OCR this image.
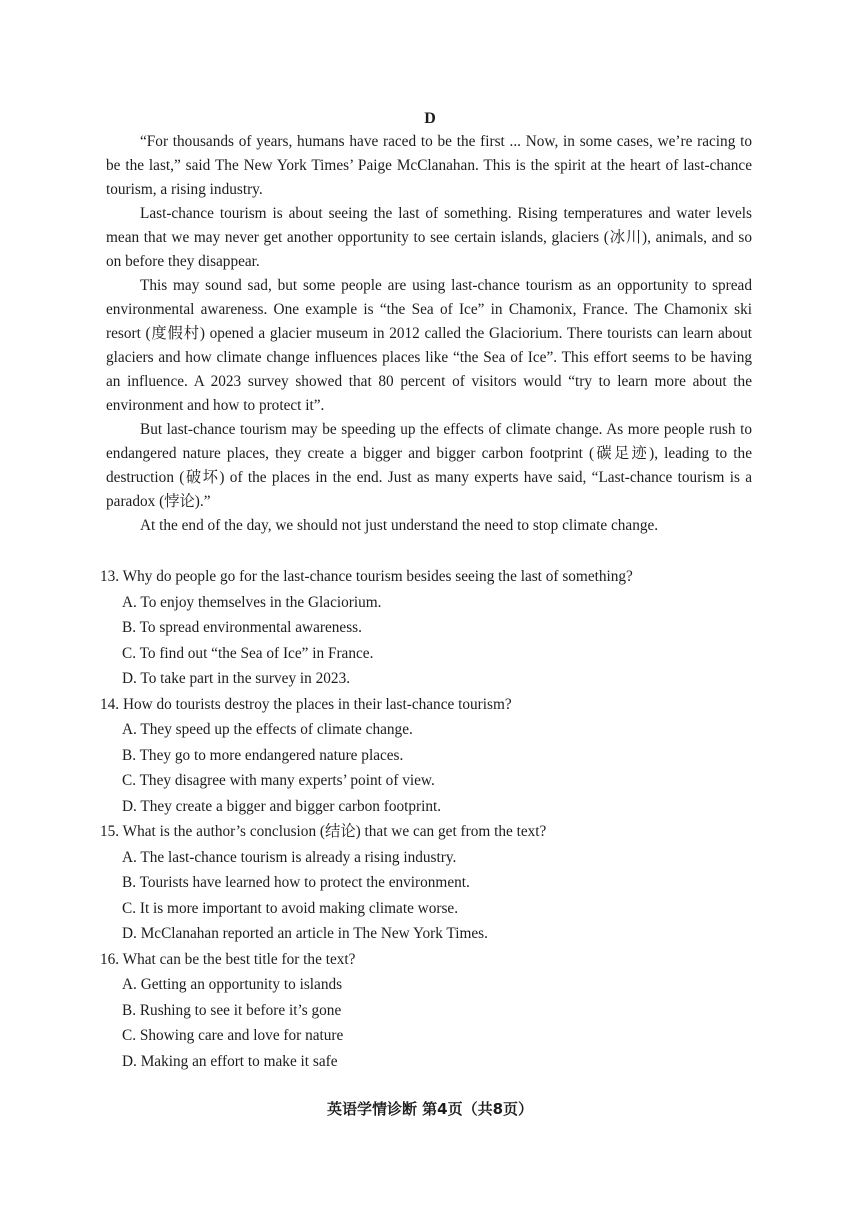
D

“For thousands of years, humans have raced to be the first ... Now, in some cases, we’re racing to be the last,” said The New York Times’ Paige McClanahan. This is the spirit at the heart of last-chance tourism, a rising industry.

Last-chance tourism is about seeing the last of something. Rising temperatures and water levels mean that we may never get another opportunity to see certain islands, glaciers (冰川), animals, and so on before they disappear.

This may sound sad, but some people are using last-chance tourism as an opportunity to spread environmental awareness. One example is “the Sea of Ice” in Chamonix, France. The Chamonix ski resort (度假村) opened a glacier museum in 2012 called the Glaciorium. There tourists can learn about glaciers and how climate change influences places like “the Sea of Ice”. This effort seems to be having an influence. A 2023 survey showed that 80 percent of visitors would “try to learn more about the environment and how to protect it”.

But last-chance tourism may be speeding up the effects of climate change. As more people rush to endangered nature places, they create a bigger and bigger carbon footprint (碳足迹), leading to the destruction (破坏) of the places in the end. Just as many experts have said, “Last-chance tourism is a paradox (悖论).”

At the end of the day, we should not just understand the need to stop climate change.

13. Why do people go for the last-chance tourism besides seeing the last of something?
A. To enjoy themselves in the Glaciorium.
B. To spread environmental awareness.
C. To find out “the Sea of Ice” in France.
D. To take part in the survey in 2023.
14. How do tourists destroy the places in their last-chance tourism?
A. They speed up the effects of climate change.
B. They go to more endangered nature places.
C. They disagree with many experts’ point of view.
D. They create a bigger and bigger carbon footprint.
15. What is the author’s conclusion (结论) that we can get from the text?
A. The last-chance tourism is already a rising industry.
B. Tourists have learned how to protect the environment.
C. It is more important to avoid making climate worse.
D. McClanahan reported an article in The New York Times.
16. What can be the best title for the text?
A. Getting an opportunity to islands
B. Rushing to see it before it’s gone
C. Showing care and love for nature
D. Making an effort to make it safe
英语学情诊断 第4页（共8页）
